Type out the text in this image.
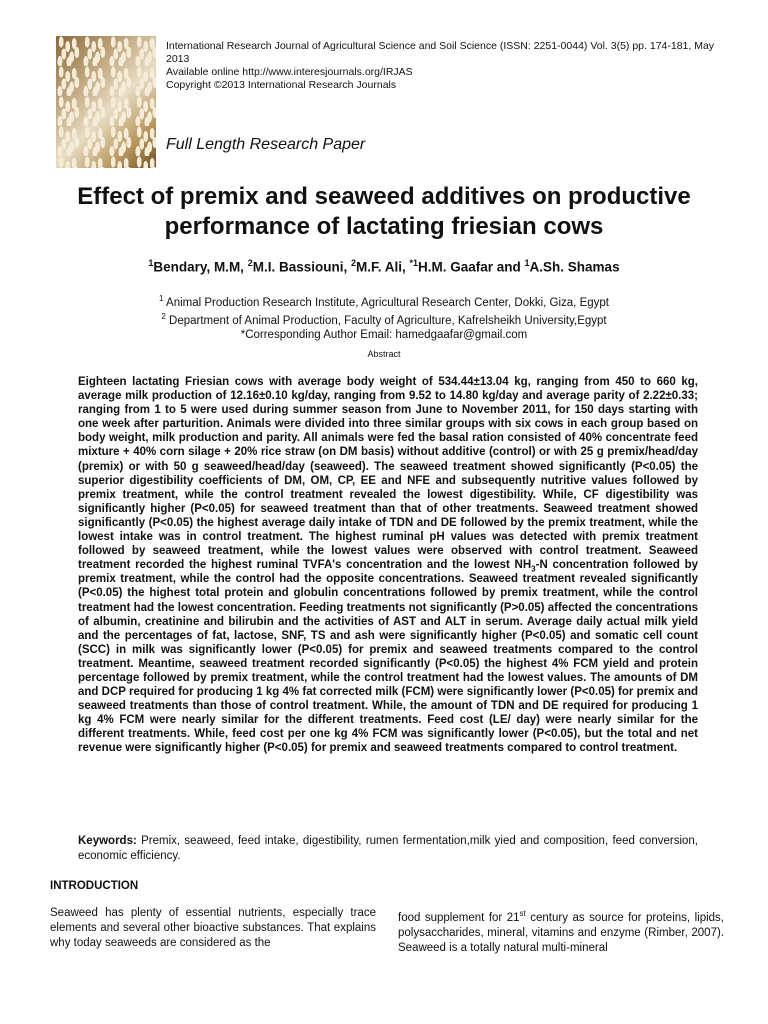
International Research Journal of Agricultural Science and Soil Science (ISSN: 2251-0044) Vol. 3(5) pp. 174-181, May 2013
Available online http://www.interesjournals.org/IRJAS
Copyright ©2013 International Research Journals
Full Length Research Paper
Effect of premix and seaweed additives on productive performance of lactating friesian cows
$^1$Bendary, M.M, $^2$M.I. Bassiouni, $^2$M.F. Ali, $^{*1}$H.M. Gaafar and $^1$A.Sh. Shamas
$^1$ Animal Production Research Institute, Agricultural Research Center, Dokki, Giza, Egypt
$^2$ Department of Animal Production, Faculty of Agriculture, Kafrelsheikh University,Egypt
*Corresponding Author Email: hamedgaafar@gmail.com
Abstract
Eighteen lactating Friesian cows with average body weight of 534.44±13.04 kg, ranging from 450 to 660 kg, average milk production of 12.16±0.10 kg/day, ranging from 9.52 to 14.80 kg/day and average parity of 2.22±0.33; ranging from 1 to 5 were used during summer season from June to November 2011, for 150 days starting with one week after parturition. Animals were divided into three similar groups with six cows in each group based on body weight, milk production and parity. All animals were fed the basal ration consisted of 40% concentrate feed mixture + 40% corn silage + 20% rice straw (on DM basis) without additive (control) or with 25 g premix/head/day (premix) or with 50 g seaweed/head/day (seaweed). The seaweed treatment showed significantly (P<0.05) the superior digestibility coefficients of DM, OM, CP, EE and NFE and subsequently nutritive values followed by premix treatment, while the control treatment revealed the lowest digestibility. While, CF digestibility was significantly higher (P<0.05) for seaweed treatment than that of other treatments. Seaweed treatment showed significantly (P<0.05) the highest average daily intake of TDN and DE followed by the premix treatment, while the lowest intake was in control treatment. The highest ruminal pH values was detected with premix treatment followed by seaweed treatment, while the lowest values were observed with control treatment. Seaweed treatment recorded the highest ruminal TVFA's concentration and the lowest $NH_3-N$ concentration followed by premix treatment, while the control had the opposite concentrations. Seaweed treatment revealed significantly (P<0.05) the highest total protein and globulin concentrations followed by premix treatment, while the control treatment had the lowest concentration. Feeding treatments not significantly (P>0.05) affected the concentrations of albumin, creatinine and bilirubin and the activities of AST and ALT in serum. Average daily actual milk yield and the percentages of fat, lactose, SNF, TS and ash were significantly higher (P<0.05) and somatic cell count (SCC) in milk was significantly lower (P<0.05) for premix and seaweed treatments compared to the control treatment. Meantime, seaweed treatment recorded significantly (P<0.05) the highest 4% FCM yield and protein percentage followed by premix treatment, while the control treatment had the lowest values. The amounts of DM and DCP required for producing 1 kg 4% fat corrected milk (FCM) were significantly lower (P<0.05) for premix and seaweed treatments than those of control treatment. While, the amount of TDN and DE required for producing 1 kg 4% FCM were nearly similar for the different treatments. Feed cost (LE/ day) were nearly similar for the different treatments. While, feed cost per one kg 4% FCM was significantly lower (P<0.05), but the total and net revenue were significantly higher (P<0.05) for premix and seaweed treatments compared to control treatment.
Keywords: Premix, seaweed, feed intake, digestibility, rumen fermentation,milk yied and composition, feed conversion, economic efficiency.
INTRODUCTION
Seaweed has plenty of essential nutrients, especially trace elements and several other bioactive substances. That explains why today seaweeds are considered as the
food supplement for 21st century as source for proteins, lipids, polysaccharides, mineral, vitamins and enzyme (Rimber, 2007). Seaweed is a totally natural multi-mineral
